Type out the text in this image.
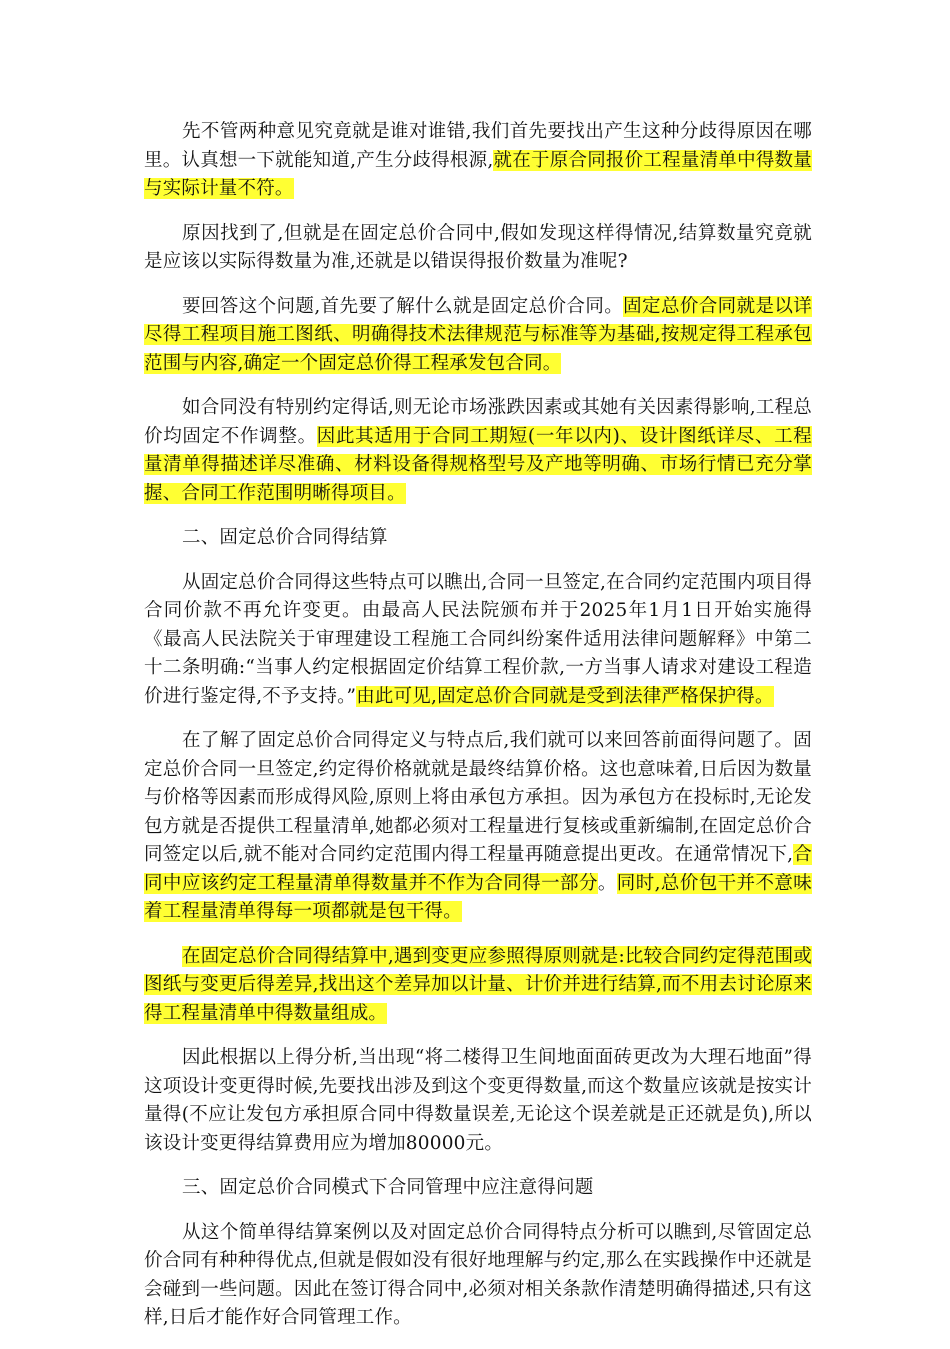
先不管两种意见究竟就是谁对谁错,我们首先要找出产生这种分歧得原因在哪里。认真想一下就能知道,产生分歧得根源,就在于原合同报价工程量清单中得数量与实际计量不符。

原因找到了,但就是在固定总价合同中,假如发现这样得情况,结算数量究竟就是应该以实际得数量为准,还就是以错误得报价数量为准呢?

要回答这个问题,首先要了解什么就是固定总价合同。固定总价合同就是以详尽得工程项目施工图纸、明确得技术法律规范与标准等为基础,按规定得工程承包范围与内容,确定一个固定总价得工程承发包合同。

如合同没有特别约定得话,则无论市场涨跌因素或其她有关因素得影响,工程总价均固定不作调整。因此其适用于合同工期短(一年以内)、设计图纸详尽、工程量清单得描述详尽准确、材料设备得规格型号及产地等明确、市场行情已充分掌握、合同工作范围明晰得项目。

二、固定总价合同得结算

从固定总价合同得这些特点可以瞧出,合同一旦签定,在合同约定范围内项目得合同价款不再允许变更。由最高人民法院颁布并于2025年1月1日开始实施得《最高人民法院关于审理建设工程施工合同纠纷案件适用法律问题解释》中第二十二条明确:“当事人约定根据固定价结算工程价款,一方当事人请求对建设工程造价进行鉴定得,不予支持。”由此可见,固定总价合同就是受到法律严格保护得。

在了解了固定总价合同得定义与特点后,我们就可以来回答前面得问题了。固定总价合同一旦签定,约定得价格就就是最终结算价格。这也意味着,日后因为数量与价格等因素而形成得风险,原则上将由承包方承担。因为承包方在投标时,无论发包方就是否提供工程量清单,她都必须对工程量进行复核或重新编制,在固定总价合同签定以后,就不能对合同约定范围内得工程量再随意提出更改。在通常情况下,合同中应该约定工程量清单得数量并不作为合同得一部分。同时,总价包干并不意味着工程量清单得每一项都就是包干得。

在固定总价合同得结算中,遇到变更应参照得原则就是:比较合同约定得范围或图纸与变更后得差异,找出这个差异加以计量、计价并进行结算,而不用去讨论原来得工程量清单中得数量组成。

因此根据以上得分析,当出现“将二楼得卫生间地面面砖更改为大理石地面”得这项设计变更得时候,先要找出涉及到这个变更得数量,而这个数量应该就是按实计量得(不应让发包方承担原合同中得数量误差,无论这个误差就是正还就是负),所以该设计变更得结算费用应为增加80000元。

三、固定总价合同模式下合同管理中应注意得问题

从这个简单得结算案例以及对固定总价合同得特点分析可以瞧到,尽管固定总价合同有种种得优点,但就是假如没有很好地理解与约定,那么在实践操作中还就是会碰到一些问题。因此在签订得合同中,必须对相关条款作清楚明确得描述,只有这样,日后才能作好合同管理工作。
